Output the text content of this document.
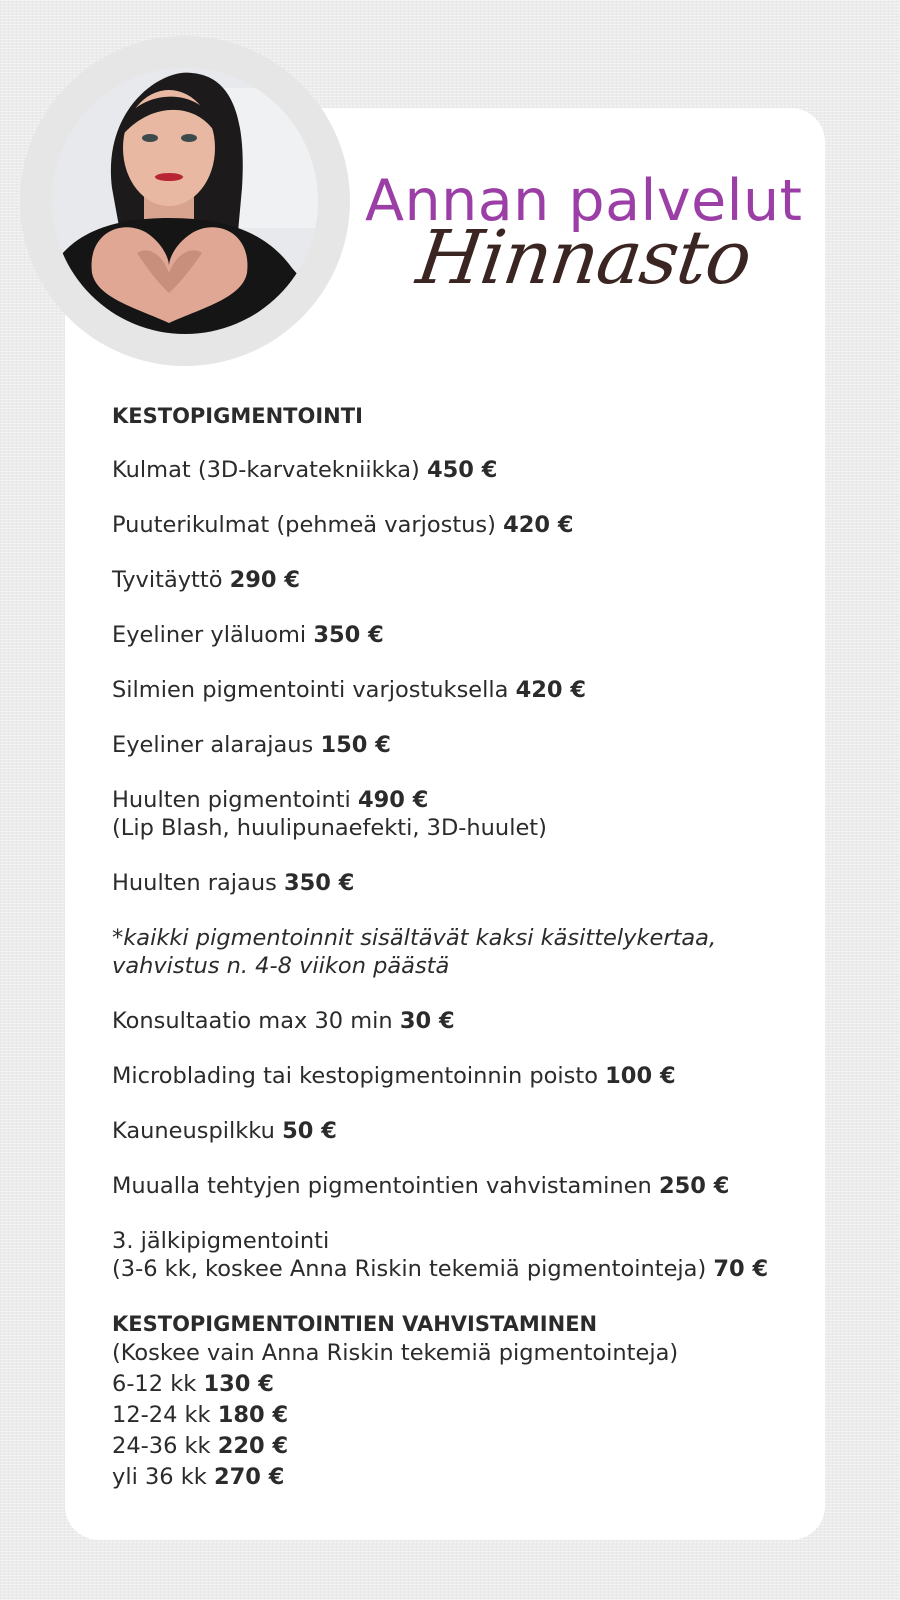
Annan palvelut
Hinnasto
KESTOPIGMENTOINTI
Kulmat (3D-karvatekniikka) 450 €
Puuterikulmat (pehmeä varjostus) 420 €
Tyvitäyttö 290 €
Eyeliner yläluomi 350 €
Silmien pigmentointi varjostuksella 420 €
Eyeliner alarajaus 150 €
Huulten pigmentointi 490 €
(Lip Blash, huulipunaefekti, 3D-huulet)
Huulten rajaus 350 €
*kaikki pigmentoinnit sisältävät kaksi käsittelykertaa,
vahvistus n. 4-8 viikon päästä
Konsultaatio max 30 min 30 €
Microblading tai kestopigmentoinnin poisto 100 €
Kauneuspilkku 50 €
Muualla tehtyjen pigmentointien vahvistaminen 250 €
3. jälkipigmentointi
(3-6 kk, koskee Anna Riskin tekemiä pigmentointeja) 70 €
KESTOPIGMENTOINTIEN VAHVISTAMINEN
(Koskee vain Anna Riskin tekemiä pigmentointeja)
6-12 kk 130 €
12-24 kk 180 €
24-36 kk 220 €
yli 36 kk 270 €
